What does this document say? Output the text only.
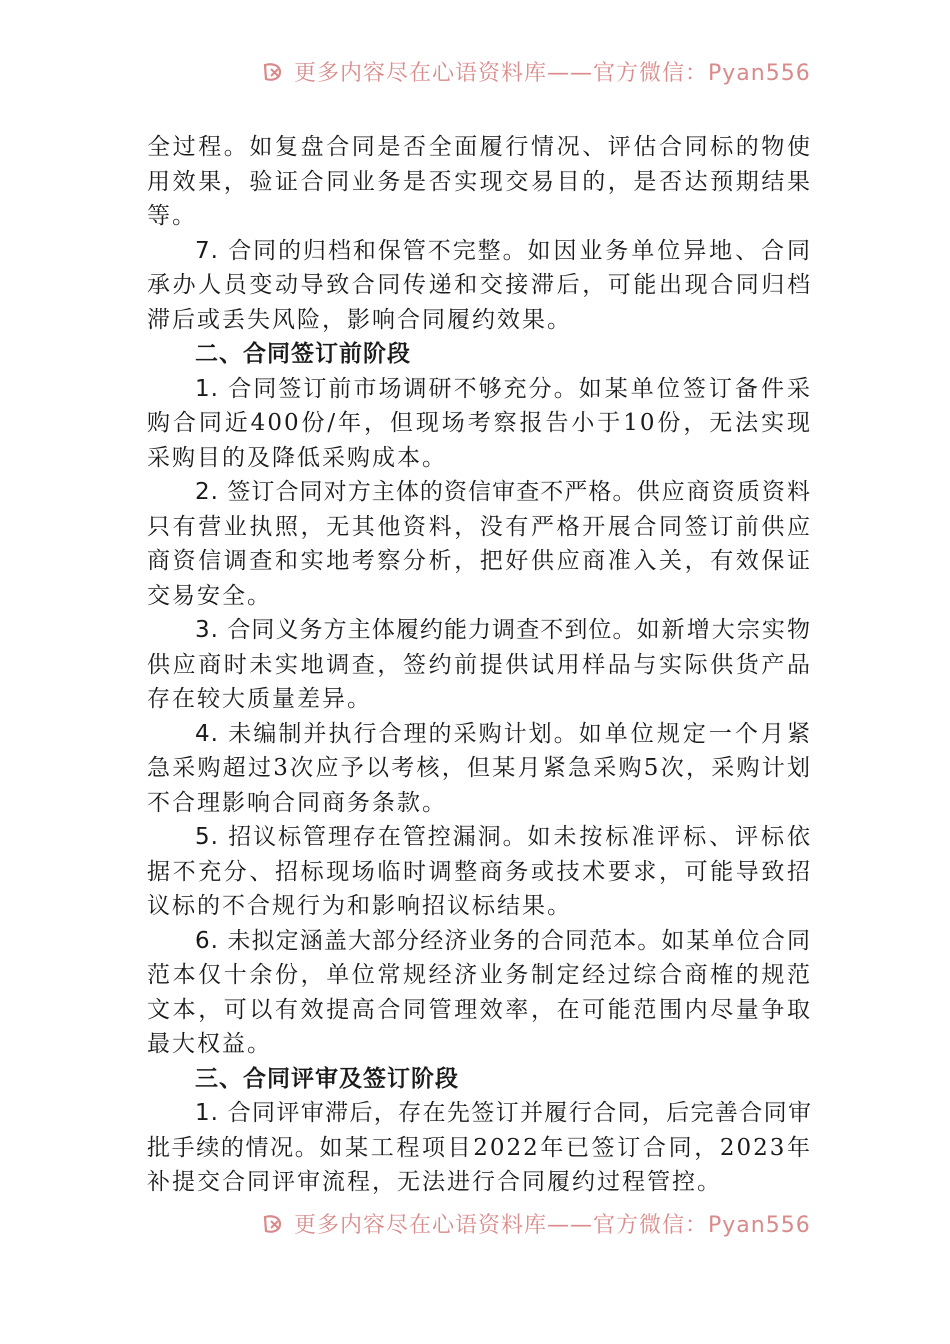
更多内容尽在心语资料库——官方微信：Pyan556

全过程。如复盘合同是否全面履行情况、评估合同标的物使用效果，验证合同业务是否实现交易目的，是否达预期结果等。

7. 合同的归档和保管不完整。如因业务单位异地、合同承办人员变动导致合同传递和交接滞后，可能出现合同归档滞后或丢失风险，影响合同履约效果。

二、合同签订前阶段

1. 合同签订前市场调研不够充分。如某单位签订备件采购合同近400份/年，但现场考察报告小于10份，无法实现采购目的及降低采购成本。

2. 签订合同对方主体的资信审查不严格。供应商资质资料只有营业执照，无其他资料，没有严格开展合同签订前供应商资信调查和实地考察分析，把好供应商准入关，有效保证交易安全。

3. 合同义务方主体履约能力调查不到位。如新增大宗实物供应商时未实地调查，签约前提供试用样品与实际供货产品存在较大质量差异。

4. 未编制并执行合理的采购计划。如单位规定一个月紧急采购超过3次应予以考核，但某月紧急采购5次，采购计划不合理影响合同商务条款。

5. 招议标管理存在管控漏洞。如未按标准评标、评标依据不充分、招标现场临时调整商务或技术要求，可能导致招议标的不合规行为和影响招议标结果。

6. 未拟定涵盖大部分经济业务的合同范本。如某单位合同范本仅十余份，单位常规经济业务制定经过综合商榷的规范文本，可以有效提高合同管理效率，在可能范围内尽量争取最大权益。

三、合同评审及签订阶段

1. 合同评审滞后，存在先签订并履行合同，后完善合同审批手续的情况。如某工程项目2022年已签订合同，2023年补提交合同评审流程，无法进行合同履约过程管控。

更多内容尽在心语资料库——官方微信：Pyan556
